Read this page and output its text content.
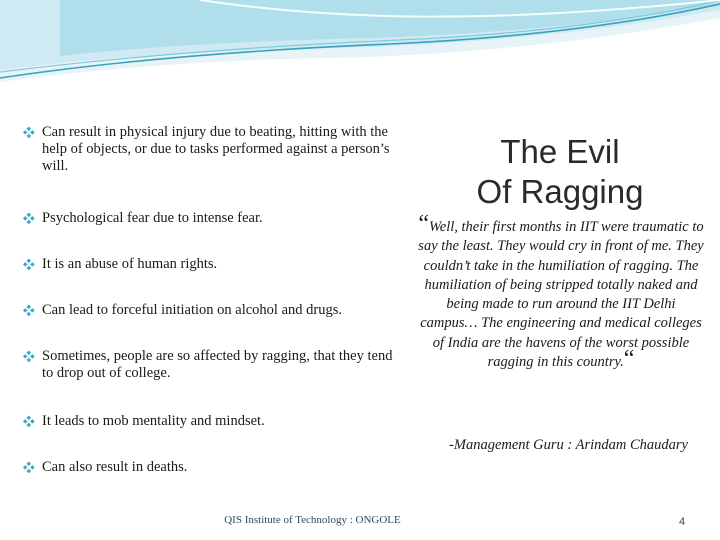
Can result in physical injury due to beating, hitting with the help of objects, or due to tasks performed against a person’s will.
Psychological fear due to intense fear.
It is an abuse of human rights.
Can lead to forceful initiation on alcohol and drugs.
Sometimes, people are so affected by ragging, that they tend to drop out of college.
It leads to mob mentality and mindset.
Can also result in deaths.
The Evil
Of Ragging
“Well, their first months in IIT were traumatic to say the least. They would cry in front of me. They couldn’t take in the humiliation of ragging. The humiliation of being stripped totally naked and being made to run around the IIT Delhi campus… The engineering and medical colleges of India are the havens of the worst possible ragging in this country.“
-Management Guru : Arindam Chaudary
QIS Institute of Technology : ONGOLE	4
